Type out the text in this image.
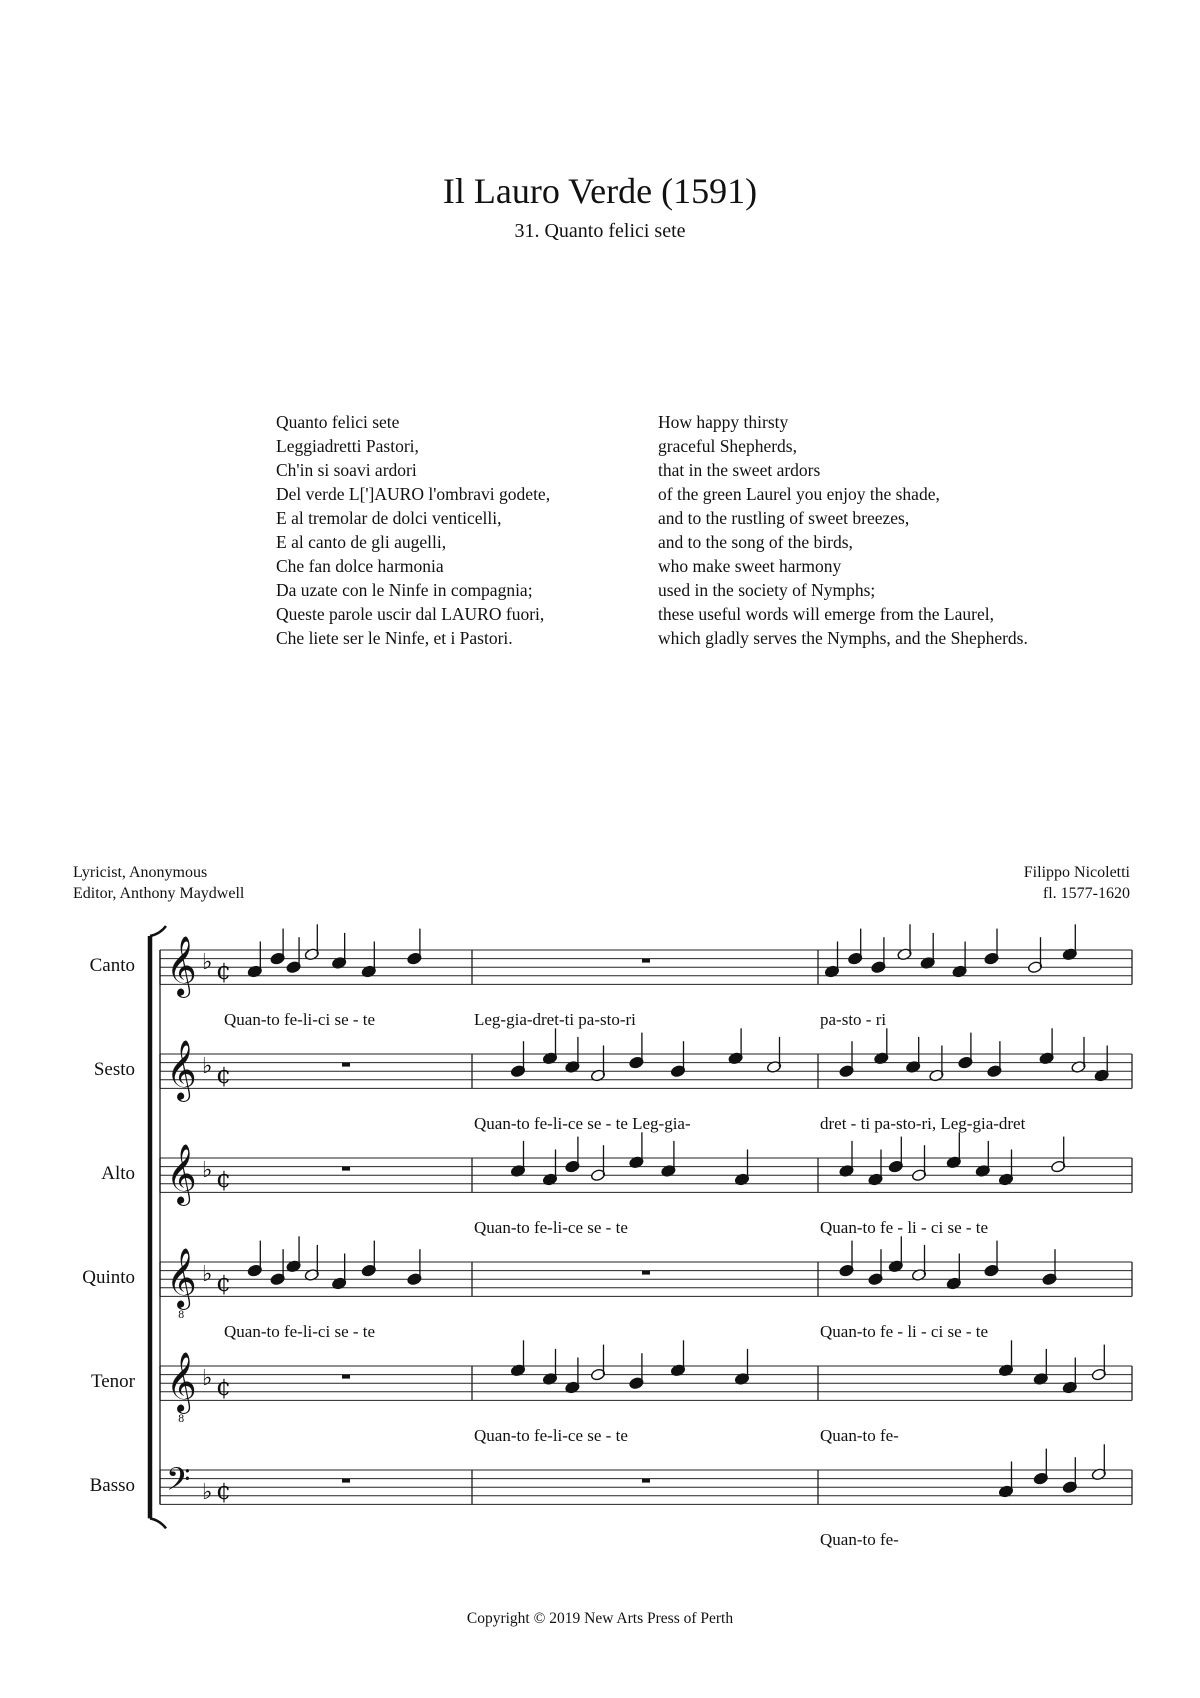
Il Lauro Verde (1591)
31. Quanto felici sete
Quanto felici sete
Leggiadretti Pastori,
Ch'in si soavi ardori
Del verde L[']AURO l'ombravi godete,
E al tremolar de dolci venticelli,
E al canto de gli augelli,
Che fan dolce harmonia
Da uzate con le Ninfe in compagnia;
Queste parole uscir dal LAURO fuori,
Che liete ser le Ninfe, et i Pastori.
How happy thirsty
graceful Shepherds,
that in the sweet ardors
of the green Laurel you enjoy the shade,
and to the rustling of sweet breezes,
and to the song of the birds,
who make sweet harmony
used in the society of Nymphs;
these useful words will emerge from the Laurel,
which gladly serves the Nymphs, and the Shepherds.
Lyricist, Anonymous
Editor, Anthony Maydwell
Filippo Nicoletti
fl. 1577-1620
𝄞 ♭ ¢
𝄞 ♭ ¢
𝄞 ♭ ¢
𝄞
8
♭ ¢
𝄞
8
♭ ¢
𝄢 ♭ ¢
Canto
Quan-to fe-li-ci se - te	Leg-gia-dret-ti pa-sto-ri	pa-sto - ri
Sesto
Quan-to fe-li-ce se - te Leg-gia-	dret - ti pa-sto-ri, Leg-gia-dret
Alto
Quan-to fe-li-ce se - te	Quan-to fe - li - ci se - te
Quinto
Quan-to fe-li-ci se - te	Quan-to fe - li - ci se - te
Tenor
Quan-to fe-li-ce se - te	Quan-to fe-
Basso
Quan-to fe-
Copyright © 2019 New Arts Press of Perth
